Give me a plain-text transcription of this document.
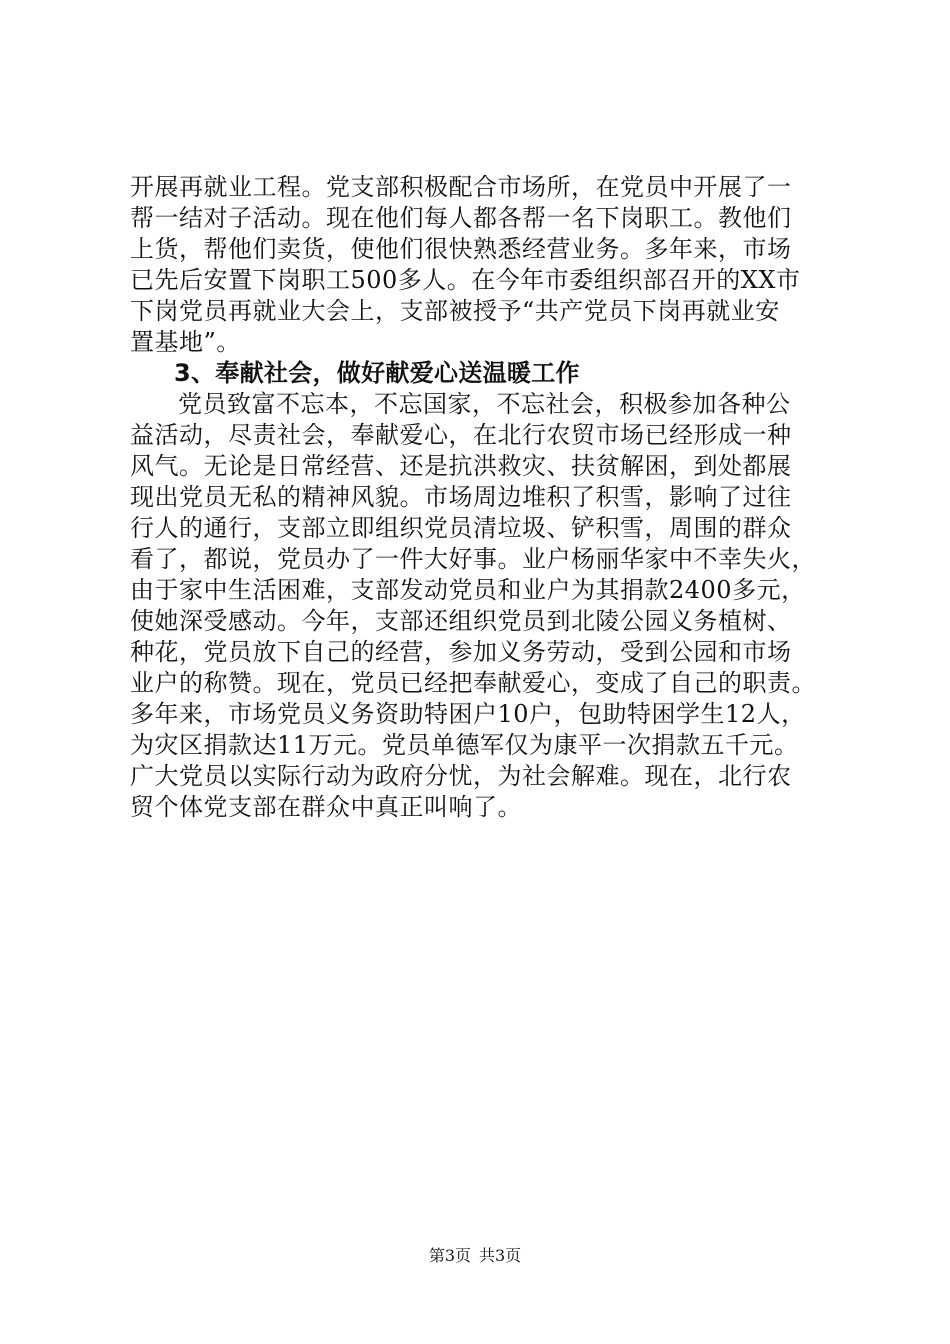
开展再就业工程。党支部积极配合市场所，在党员中开展了一
帮一结对子活动。现在他们每人都各帮一名下岗职工。教他们
上货，帮他们卖货，使他们很快熟悉经营业务。多年来，市场
已先后安置下岗职工500多人。在今年市委组织部召开的XX市
下岗党员再就业大会上，支部被授予“共产党员下岗再就业安
置基地”。
3、奉献社会，做好献爱心送温暖工作
党员致富不忘本，不忘国家，不忘社会，积极参加各种公
益活动，尽责社会，奉献爱心，在北行农贸市场已经形成一种
风气。无论是日常经营、还是抗洪救灾、扶贫解困，到处都展
现出党员无私的精神风貌。市场周边堆积了积雪，影响了过往
行人的通行，支部立即组织党员清垃圾、铲积雪，周围的群众
看了，都说，党员办了一件大好事。业户杨丽华家中不幸失火，
由于家中生活困难，支部发动党员和业户为其捐款2400多元，
使她深受感动。今年，支部还组织党员到北陵公园义务植树、
种花，党员放下自己的经营，参加义务劳动，受到公园和市场
业户的称赞。现在，党员已经把奉献爱心，变成了自己的职责。
多年来，市场党员义务资助特困户10户，包助特困学生12人，
为灾区捐款达11万元。党员单德军仅为康平一次捐款五千元。
广大党员以实际行动为政府分忧，为社会解难。现在，北行农
贸个体党支部在群众中真正叫响了。
第3页 共3页
